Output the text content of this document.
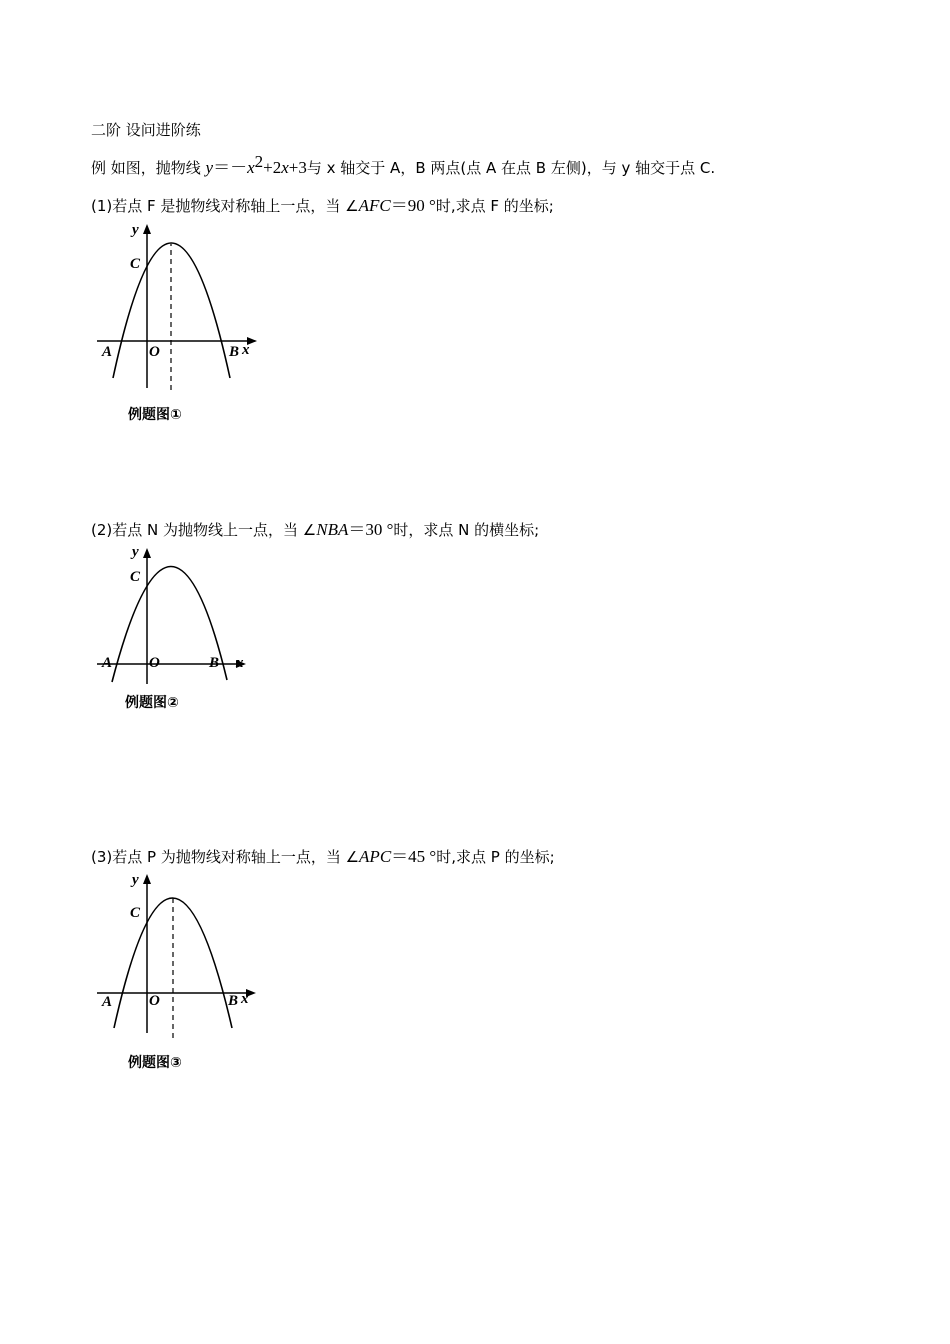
二阶 设问进阶练
例 如图，抛物线 $y=-x^2+2x+3$与 x 轴交于 A，B 两点(点 A 在点 B 左侧)，与 y 轴交于点 C.
(1)若点 F 是抛物线对称轴上一点，当 ∠AFC＝90 °时,求点 F 的坐标;
y
C
A O	B x
例题图①
(2)若点 N 为抛物线上一点，当 ∠NBA＝30 °时，求点 N 的横坐标;
y
C
A O	B x
例题图②
(3)若点 P 为抛物线对称轴上一点，当 ∠APC＝45 °时,求点 P 的坐标;
y
C
A O	B x
例题图③
